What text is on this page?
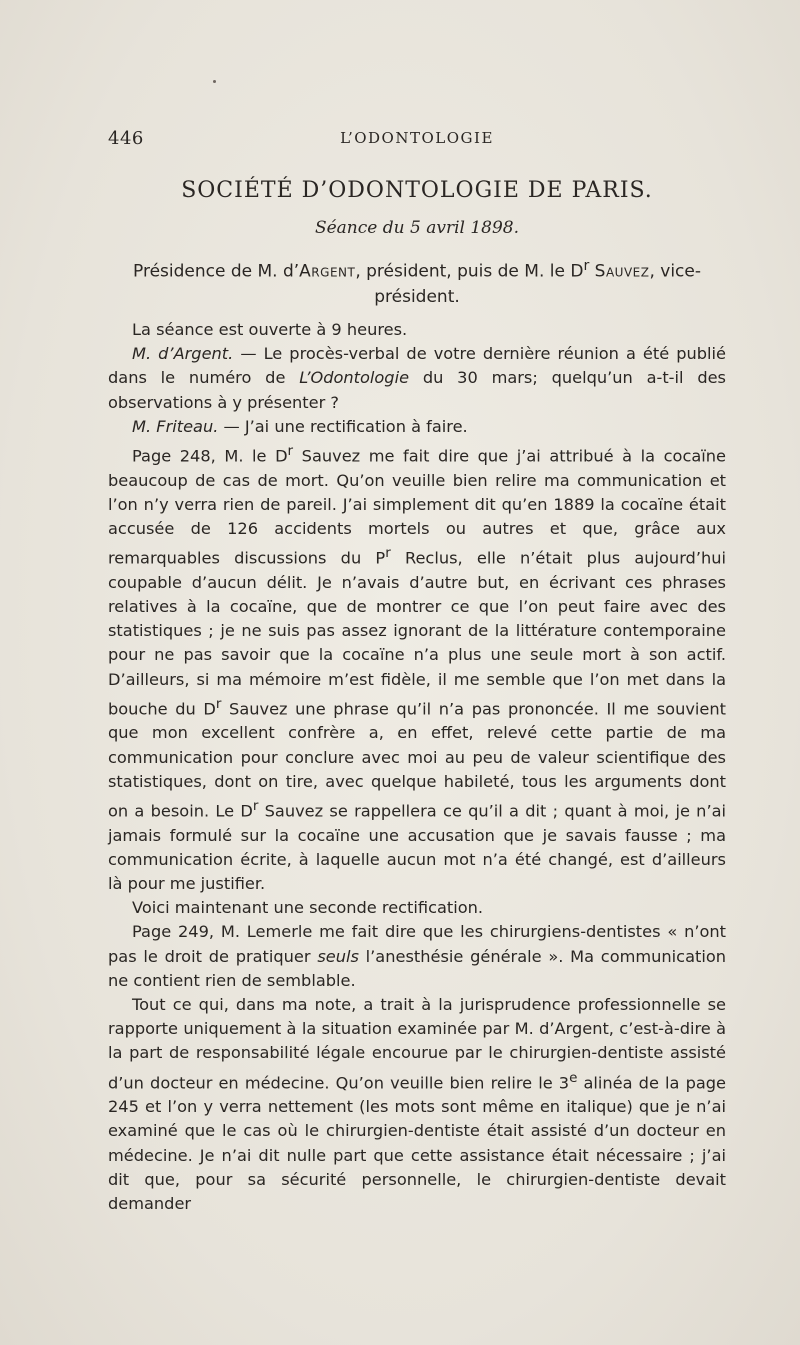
446	L’ODONTOLOGIE
SOCIÉTÉ D’ODONTOLOGIE DE PARIS.
Séance du 5 avril 1898.
Présidence de M. d’Argent, président, puis de M. le $D^r$ Sauvez, vice-président.

La séance est ouverte à 9 heures.

M. d’Argent. — Le procès-verbal de votre dernière réunion a été publié dans le numéro de L’Odontologie du 30 mars; quelqu’un a-t-il des observations à y présenter ?

M. Friteau. — J’ai une rectification à faire.

Page 248, M. le $D^r$ Sauvez me fait dire que j’ai attribué à la cocaïne beaucoup de cas de mort. Qu’on veuille bien relire ma communication et l’on n’y verra rien de pareil. J’ai simplement dit qu’en 1889 la cocaïne était accusée de 126 accidents mortels ou autres et que, grâce aux remarquables discussions du $P^r$ Reclus, elle n’était plus aujourd’hui coupable d’aucun délit. Je n’avais d’autre but, en écrivant ces phrases relatives à la cocaïne, que de montrer ce que l’on peut faire avec des statistiques ; je ne suis pas assez ignorant de la littérature contemporaine pour ne pas savoir que la cocaïne n’a plus une seule mort à son actif. D’ailleurs, si ma mémoire m’est fidèle, il me semble que l’on met dans la bouche du $D^r$ Sauvez une phrase qu’il n’a pas prononcée. Il me souvient que mon excellent confrère a, en effet, relevé cette partie de ma communication pour conclure avec moi au peu de valeur scientifique des statistiques, dont on tire, avec quelque habileté, tous les arguments dont on a besoin. Le $D^r$ Sauvez se rappellera ce qu’il a dit ; quant à moi, je n’ai jamais formulé sur la cocaïne une accusation que je savais fausse ; ma communication écrite, à laquelle aucun mot n’a été changé, est d’ailleurs là pour me justifier.

Voici maintenant une seconde rectification.

Page 249, M. Lemerle me fait dire que les chirurgiens-dentistes « n’ont pas le droit de pratiquer seuls l’anesthésie générale ». Ma communication ne contient rien de semblable.

Tout ce qui, dans ma note, a trait à la jurisprudence professionnelle se rapporte uniquement à la situation examinée par M. d’Argent, c’est-à-dire à la part de responsabilité légale encourue par le chirurgien-dentiste assisté d’un docteur en médecine. Qu’on veuille bien relire le 3e alinéa de la page 245 et l’on y verra nettement (les mots sont même en italique) que je n’ai examiné que le cas où le chirurgien-dentiste était assisté d’un docteur en médecine. Je n’ai dit nulle part que cette assistance était nécessaire ; j’ai dit que, pour sa sécurité personnelle, le chirurgien-dentiste devait demander
